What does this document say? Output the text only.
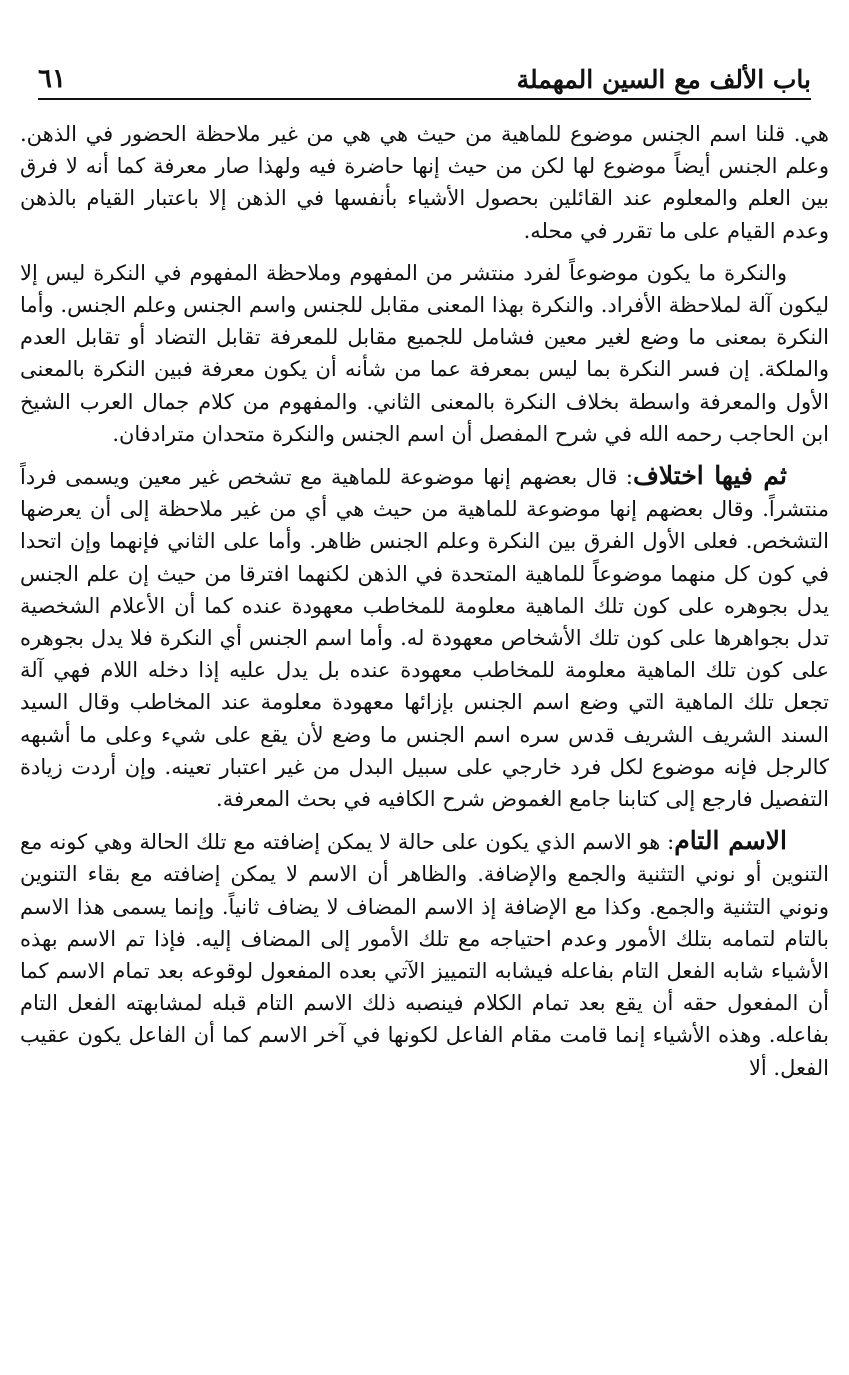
باب الألف مع السين المهملة
٦١

هي. قلنا اسم الجنس موضوع للماهية من حيث هي هي من غير ملاحظة الحضور في الذهن. وعلم الجنس أيضاً موضوع لها لكن من حيث إنها حاضرة فيه ولهذا صار معرفة كما أنه لا فرق بين العلم والمعلوم عند القائلين بحصول الأشياء بأنفسها في الذهن إلا باعتبار القيام بالذهن وعدم القيام على ما تقرر في محله.

والنكرة ما يكون موضوعاً لفرد منتشر من المفهوم وملاحظة المفهوم في النكرة ليس إلا ليكون آلة لملاحظة الأفراد. والنكرة بهذا المعنى مقابل للجنس واسم الجنس وعلم الجنس. وأما النكرة بمعنى ما وضع لغير معين فشامل للجميع مقابل للمعرفة تقابل التضاد أو تقابل العدم والملكة. إن فسر النكرة بما ليس بمعرفة عما من شأنه أن يكون معرفة فبين النكرة بالمعنى الأول والمعرفة واسطة بخلاف النكرة بالمعنى الثاني. والمفهوم من كلام جمال العرب الشيخ ابن الحاجب رحمه الله في شرح المفصل أن اسم الجنس والنكرة متحدان مترادفان.

ثم فيها اختلاف: قال بعضهم إنها موضوعة للماهية مع تشخص غير معين ويسمى فرداً منتشراً. وقال بعضهم إنها موضوعة للماهية من حيث هي أي من غير ملاحظة إلى أن يعرضها التشخص. فعلى الأول الفرق بين النكرة وعلم الجنس ظاهر. وأما على الثاني فإنهما وإن اتحدا في كون كل منهما موضوعاً للماهية المتحدة في الذهن لكنهما افترقا من حيث إن علم الجنس يدل بجوهره على كون تلك الماهية معلومة للمخاطب معهودة عنده كما أن الأعلام الشخصية تدل بجواهرها على كون تلك الأشخاص معهودة له. وأما اسم الجنس أي النكرة فلا يدل بجوهره على كون تلك الماهية معلومة للمخاطب معهودة عنده بل يدل عليه إذا دخله اللام فهي آلة تجعل تلك الماهية التي وضع اسم الجنس بإزائها معهودة معلومة عند المخاطب وقال السيد السند الشريف الشريف قدس سره اسم الجنس ما وضع لأن يقع على شيء وعلى ما أشبهه كالرجل فإنه موضوع لكل فرد خارجي على سبيل البدل من غير اعتبار تعينه. وإن أردت زيادة التفصيل فارجع إلى كتابنا جامع الغموض شرح الكافيه في بحث المعرفة.

الاسم التام: هو الاسم الذي يكون على حالة لا يمكن إضافته مع تلك الحالة وهي كونه مع التنوين أو نوني التثنية والجمع والإضافة. والظاهر أن الاسم لا يمكن إضافته مع بقاء التنوين ونوني التثنية والجمع. وكذا مع الإضافة إذ الاسم المضاف لا يضاف ثانياً. وإنما يسمى هذا الاسم بالتام لتمامه بتلك الأمور وعدم احتياجه مع تلك الأمور إلى المضاف إليه. فإذا تم الاسم بهذه الأشياء شابه الفعل التام بفاعله فيشابه التمييز الآتي بعده المفعول لوقوعه بعد تمام الاسم كما أن المفعول حقه أن يقع بعد تمام الكلام فينصبه ذلك الاسم التام قبله لمشابهته الفعل التام بفاعله. وهذه الأشياء إنما قامت مقام الفاعل لكونها في آخر الاسم كما أن الفاعل يكون عقيب الفعل. ألا
